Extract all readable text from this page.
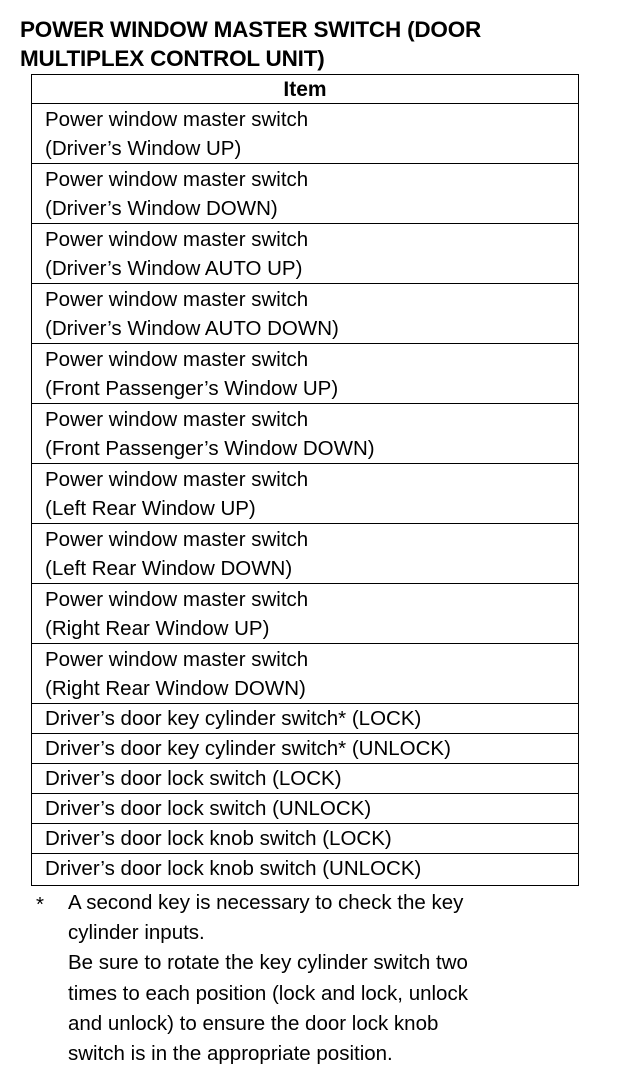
POWER WINDOW MASTER SWITCH (DOOR
MULTIPLEX CONTROL UNIT)
Item
Power window master switch
(Driver’s Window UP)
Power window master switch
(Driver’s Window DOWN)
Power window master switch
(Driver’s Window AUTO UP)
Power window master switch
(Driver’s Window AUTO DOWN)
Power window master switch
(Front Passenger’s Window UP)
Power window master switch
(Front Passenger’s Window DOWN)
Power window master switch
(Left Rear Window UP)
Power window master switch
(Left Rear Window DOWN)
Power window master switch
(Right Rear Window UP)
Power window master switch
(Right Rear Window DOWN)
Driver’s door key cylinder switch* (LOCK)
Driver’s door key cylinder switch* (UNLOCK)
Driver’s door lock switch (LOCK)
Driver’s door lock switch (UNLOCK)
Driver’s door lock knob switch (LOCK)
Driver’s door lock knob switch (UNLOCK)
* A second key is necessary to check the key
cylinder inputs.
Be sure to rotate the key cylinder switch two
times to each position (lock and lock, unlock
and unlock) to ensure the door lock knob
switch is in the appropriate position.
